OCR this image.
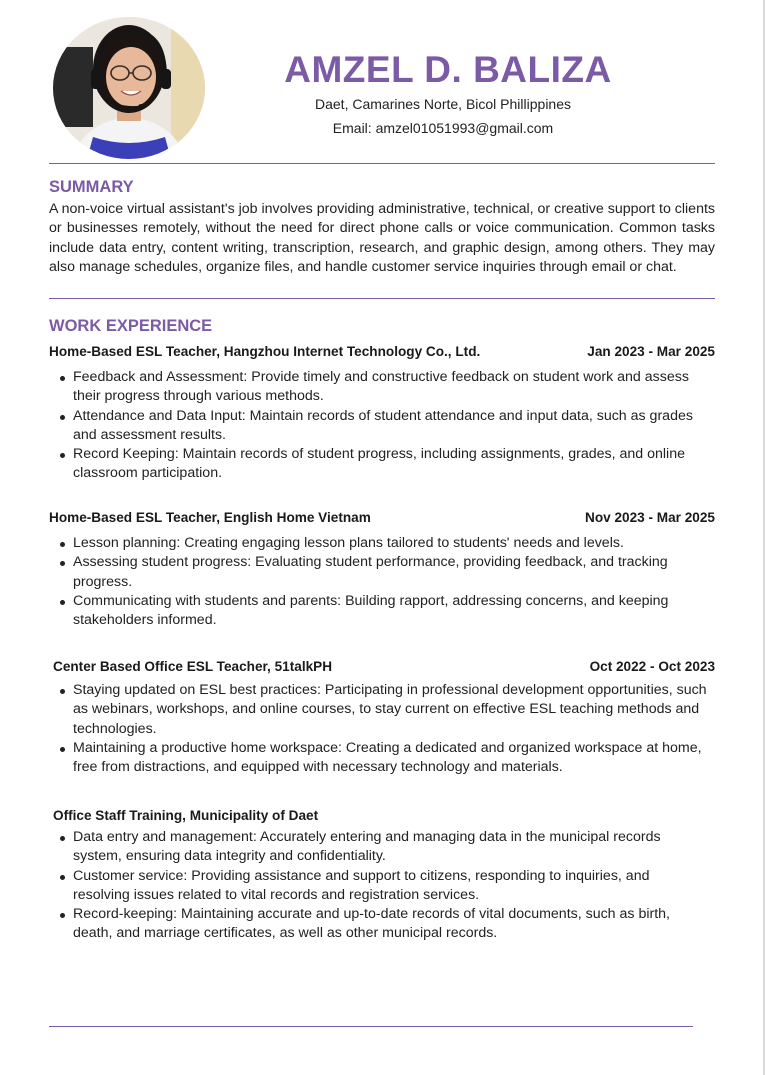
AMZEL D. BALIZA
Daet, Camarines Norte, Bicol Phillippines
Email: amzel01051993@gmail.com
SUMMARY
A non-voice virtual assistant's job involves providing administrative, technical, or creative support to clients or businesses remotely, without the need for direct phone calls or voice communication. Common tasks include data entry, content writing, transcription, research, and graphic design, among others. They may also manage schedules, organize files, and handle customer service inquiries through email or chat.
WORK EXPERIENCE
Home-Based ESL Teacher, Hangzhou Internet Technology Co., Ltd.	Jan 2023 - Mar 2025
Feedback and Assessment: Provide timely and constructive feedback on student work and assess their progress through various methods.
Attendance and Data Input: Maintain records of student attendance and input data, such as grades and assessment results.
Record Keeping: Maintain records of student progress, including assignments, grades, and online classroom participation.
Home-Based ESL Teacher, English Home Vietnam	Nov 2023 - Mar 2025
Lesson planning: Creating engaging lesson plans tailored to students' needs and levels.
Assessing student progress: Evaluating student performance, providing feedback, and tracking progress.
Communicating with students and parents: Building rapport, addressing concerns, and keeping stakeholders informed.
Center Based Office ESL Teacher, 51talkPH	Oct 2022 - Oct 2023
Staying updated on ESL best practices: Participating in professional development opportunities, such as webinars, workshops, and online courses, to stay current on effective ESL teaching methods and technologies.
Maintaining a productive home workspace: Creating a dedicated and organized workspace at home, free from distractions, and equipped with necessary technology and materials.
Office Staff Training, Municipality of Daet
Data entry and management: Accurately entering and managing data in the municipal records system, ensuring data integrity and confidentiality.
Customer service: Providing assistance and support to citizens, responding to inquiries, and resolving issues related to vital records and registration services.
Record-keeping: Maintaining accurate and up-to-date records of vital documents, such as birth, death, and marriage certificates, as well as other municipal records.
